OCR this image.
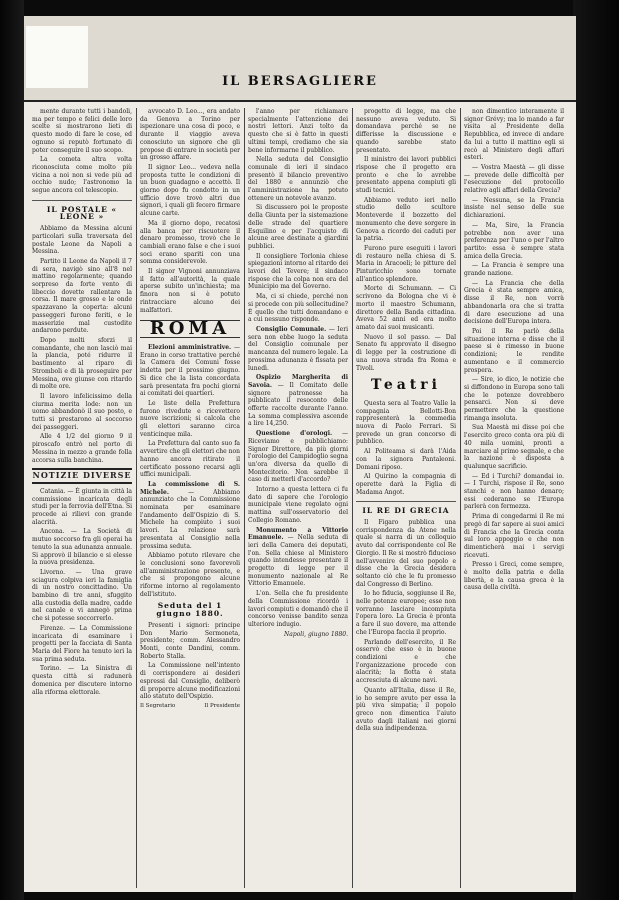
IL BERSAGLIERE

mente durante tutti i bandoli, ma per tempo e felici delle loro scelte si mostrarono lieti di questo modo di fare le cose, ed ognuno si reputò fortunato di poter conseguire il suo scopo.

La cometa altra volta riconosciuta come molto più vicina a noi non si vede più ad occhio nudo; l'astronomo la segue ancora col telescopio.

IL POSTALE « LEONE »

Abbiamo da Messina alcuni particolari sulla traversata del postale Leone da Napoli a Messina.

Partito il Leone da Napoli il 7 di sera, navigò sino all'8 nel mattino regolarmente; quando sorpreso da forte vento di libeccio dovette rallentare la corsa. Il mare grosso e le onde spazzavano la coperta: alcuni passeggeri furono feriti, e le masserizie mal custodite andarono perdute.

Dopo molti sforzi il comandante, che non lasciò mai la plancia, poté ridurre il bastimento al riparo di Stromboli e di là proseguire per Messina, ove giunse con ritardo di molte ore.

Il lavoro infelicissimo della ciurma merita lode: non un uomo abbandonò il suo posto, e tutti si prestarono al soccorso dei passeggeri.

Alle 4 1/2 del giorno 9 il piroscafo entrò nel porto di Messina in mezzo a grande folla accorsa sulla banchina.

NOTIZIE DIVERSE

Catania. — È giunta in città la commissione incaricata degli studi per la ferrovia dell'Etna. Si procede ai rilievi con grande alacrità.

Ancona. — La Società di mutuo soccorso fra gli operai ha tenuto la sua adunanza annuale. Si approvò il bilancio e si elesse la nuova presidenza.

Livorno. — Una grave sciagura colpiva ieri la famiglia di un nostro concittadino. Un bambino di tre anni, sfuggito alla custodia della madre, cadde nel canale e vi annegò prima che si potesse soccorrerlo.

Firenze. — La Commissione incaricata di esaminare i progetti per la facciata di Santa Maria del Fiore ha tenuto ieri la sua prima seduta.

Torino. — La Sinistra di questa città si radunerà domenica per discutere intorno alla riforma elettorale.

avvocato D. Leo..., era andato da Genova a Torino per ispezionare una cosa di poco, e durante il viaggio aveva conosciuto un signore che gli propose di entrare in società per un grosso affare.

Il signor Leo... vedeva nella proposta tutte le condizioni di un buon guadagno e accettò. Il giorno dopo fu condotto in un ufficio dove trovò altri due signori, i quali gli fecero firmare alcune carte.

Ma il giorno dopo, recatosi alla banca per riscuotere il denaro promesso, trovò che le cambiali erano false e che i suoi soci erano spariti con una somma considerevole.

Il signor Vignoni annunziava il fatto all'autorità, la quale aperse subito un'inchiesta; ma finora non si è potuto rintracciare alcuno dei malfattori.

ROMA

Elezioni amministrative. — Erano in corso trattative perché la Camera dei Comuni fosse indetta per il prossimo giugno. Si dice che la lista concordata sarà presentata fra pochi giorni ai comitati dei quartieri.

Le liste della Prefettura furono rivedute e ricevettero nuove iscrizioni; si calcola che gli elettori saranno circa venticinque mila.

La Prefettura dal canto suo fa avvertire che gli elettori che non hanno ancora ritirato il certificato possono recarsi agli uffici municipali.

La commissione di S. Michele.	— Abbiamo annunziato che la Commissione nominata per esaminare l'andamento dell'Ospizio di S. Michele ha compiuto i suoi lavori. La relazione sarà presentata al Consiglio nella prossima seduta.

Abbiamo potuto rilevare che le conclusioni sono favorevoli all'amministrazione presente, e che si propongono alcune riforme intorno al regolamento dell'istituto.

Seduta del 1 giugno 1880.

Presenti i signori: principe Don Mario Sermoneta, presidente; comm. Alessandro Monti, conte Dandini, comm. Roberto Stalla.

La Commissione nell'intento di corrispondere ai desideri espressi dal Consiglio, deliberò di proporre alcune modificazioni allo statuto dell'Ospizio.

Il Segretario	Il Presidente

l'anno per richiamare specialmente l'attenzione dei nostri lettori. Anzi tolto da questo che si è fatto in questi ultimi tempi, crediamo che sia bene informarne il pubblico.

Nella seduta del Consiglio comunale di ieri il sindaco presentò il bilancio preventivo del 1880 e annunziò che l'amministrazione ha potuto ottenere un notevole avanzo.

Si discussero poi le proposte della Giunta per la sistemazione delle strade del quartiere Esquilino e per l'acquisto di alcune aree destinate a giardini pubblici.

Il consigliere Torlonia chiese spiegazioni intorno al ritardo dei lavori del Tevere; il sindaco rispose che la colpa non era del Municipio ma del Governo.

Ma, ci si chiede, perché non si procede con più sollecitudine? È quello che tutti domandano e a cui nessuno risponde.

Consiglio Comunale. — Ieri sera non ebbe luogo la seduta del Consiglio comunale per mancanza del numero legale. La prossima adunanza è fissata per lunedì.

Ospizio Margherita di Savoia. — Il Comitato delle signore patronesse ha pubblicato il resoconto delle offerte raccolte durante l'anno. La somma complessiva ascende a lire 14,250.

Questione d'orologi. — Riceviamo e pubblichiamo: Signor Direttore, da più giorni l'orologio del Campidoglio segna un'ora diversa da quello di Montecitorio. Non sarebbe il caso di metterli d'accordo?

Intorno a questa lettera ci fu dato di sapere che l'orologio municipale viene regolato ogni mattina sull'osservatorio del Collegio Romano.

Monumento a Vittorio Emanuele. — Nella seduta di ieri della Camera dei deputati, l'on. Sella chiese al Ministero quando intendesse presentare il progetto di legge per il monumento nazionale al Re Vittorio Emanuele.

L'on. Sella che fu presidente della Commissione ricordò i lavori compiuti e domandò che il concorso venisse bandito senza ulteriore indugio.

Napoli, giugno 1880.

progetto di legge, ma che nessuno aveva veduto. Si domandava perché se ne differisse la discussione e quando sarebbe stato presentato.

Il ministro dei lavori pubblici rispose che il progetto era pronto e che lo avrebbe presentato appena compiuti gli studi tecnici.

Abbiamo veduto ieri nello studio dello scultore Monteverde il bozzetto del monumento che deve sorgere in Genova a ricordo dei caduti per la patria.

Furono pure eseguiti i lavori di restauro nella chiesa di S. Maria in Aracoeli; le pitture del Pinturicchio sono tornate all'antico splendore.

Morte di Schumann. — Ci scrivono da Bologna che vi è morto il maestro Schumann, direttore della Banda cittadina. Aveva 52 anni ed era molto amato dai suoi musicanti.

Nuovo il sol passo. — Dal Senato fu approvato il disegno di legge per la costruzione di una nuova strada fra Roma e Tivoli.

Teatri

Questa sera al Teatro Valle la compagnia Bellotti-Bon rappresenterà la commedia nuova di Paolo Ferrari. Si prevede un gran concorso di pubblico.

Al Politeama si darà l'Aida con la signora Pantaleoni. Domani riposo.

Al Quirino la compagnia di operette darà la Figlia di Madama Angot.

IL RE DI GRECIA

Il Figaro pubblica una corrispondenza da Atene nella quale si narra di un colloquio avuto dal corrispondente col Re Giorgio. Il Re si mostrò fiducioso nell'avvenire del suo popolo e disse che la Grecia desidera soltanto ciò che le fu promesso dal Congresso di Berlino.

Io ho fiducia, soggiunse il Re, nelle potenze europee; esse non vorranno lasciare incompiuta l'opera loro. La Grecia è pronta a fare il suo dovere, ma attende che l'Europa faccia il proprio.

Parlando dell'esercito, il Re osservò che esso è in buone condizioni e che l'organizzazione procede con alacrità; la flotta è stata accresciuta di alcune navi.

Quanto all'Italia, disse il Re, io ho sempre avuto per essa la più viva simpatia; il popolo greco non dimentica l'aiuto avuto dagli italiani nei giorni della sua indipendenza.

non dimentico interamente il signor Grévy; ma lo mando a far visita al Presidente della Repubblica, ed invece di andare da lui a tutto il mattino egli si recò al Ministero degli affari esteri.

— Vostra Maestà — gli disse — prevede delle difficoltà per l'esecuzione del protocollo relativo agli affari della Grecia?

— Nessuna, se la Francia insiste nel senso delle sue dichiarazioni.

— Ma, Sire, la Francia potrebbe non aver una preferenza per l'uno o per l'altro partito: essa è sempre stata amica della Grecia.

— La Francia è sempre una grande nazione.

— La Francia che della Grecia è stata sempre amica, disse il Re, non vorrà abbandonarla ora che si tratta di dare esecuzione ad una decisione dell'Europa intera.

Poi il Re parlò della situazione interna e disse che il paese si è rimesso in buone condizioni; le rendite aumentano e il commercio prospera.

— Sire, io dico, le notizie che si diffondono in Europa sono tali che le potenze dovrebbero pensarci. Non si deve permettere che la questione rimanga insoluta.

Sua Maestà mi disse poi che l'esercito greco conta ora più di 40 mila uomini, pronti a marciare al primo segnale, e che la nazione è disposta a qualunque sacrificio.

— Ed i Turchi? domandai io. — I Turchi, rispose il Re, sono stanchi e non hanno denaro; essi cederanno se l'Europa parlerà con fermezza.

Prima di congedarmi il Re mi pregò di far sapere ai suoi amici di Francia che la Grecia conta sul loro appoggio e che non dimenticherà mai i servigi ricevuti.

Presso i Greci, come sempre, è molto della patria e della libertà, e la causa greca è la causa della civiltà.
